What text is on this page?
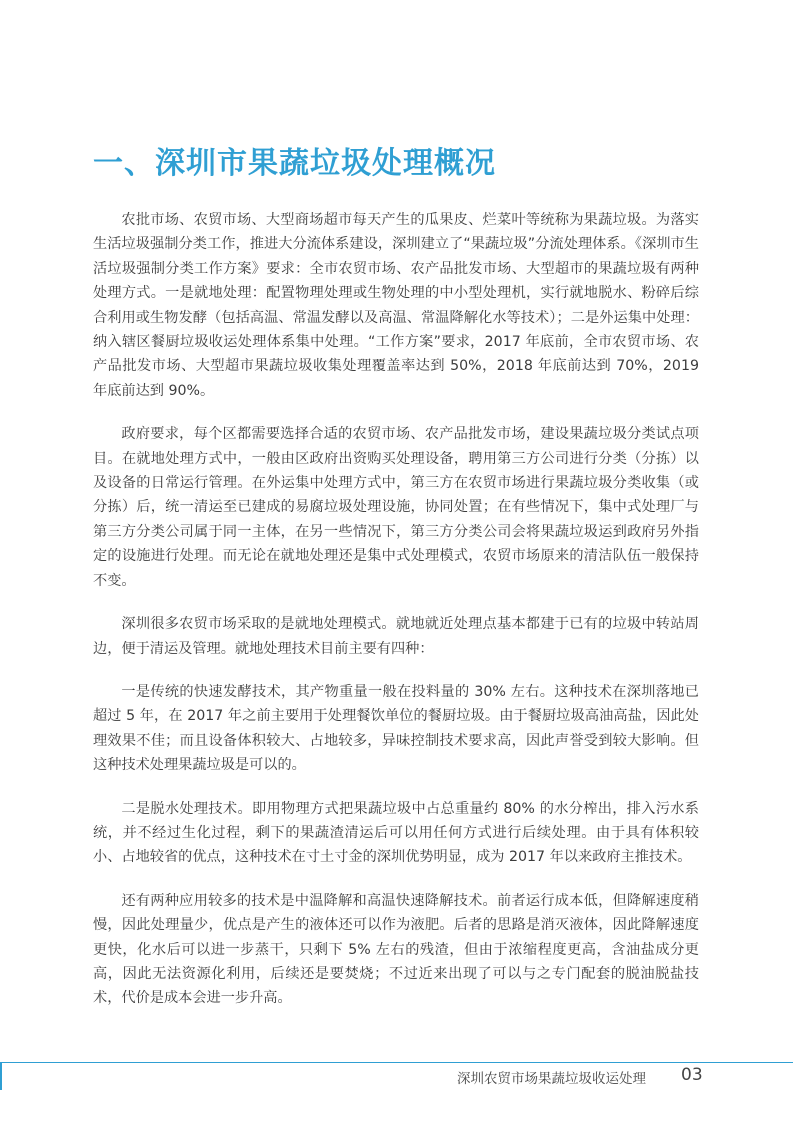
一、深圳市果蔬垃圾处理概况

农批市场、农贸市场、大型商场超市每天产生的瓜果皮、烂菜叶等统称为果蔬垃圾。为落实生活垃圾强制分类工作，推进大分流体系建设，深圳建立了“果蔬垃圾”分流处理体系。《深圳市生活垃圾强制分类工作方案》要求：全市农贸市场、农产品批发市场、大型超市的果蔬垃圾有两种处理方式。一是就地处理：配置物理处理或生物处理的中小型处理机，实行就地脱水、粉碎后综合利用或生物发酵（包括高温、常温发酵以及高温、常温降解化水等技术）；二是外运集中处理：纳入辖区餐厨垃圾收运处理体系集中处理。“工作方案”要求，2017 年底前，全市农贸市场、农产品批发市场、大型超市果蔬垃圾收集处理覆盖率达到 50%，2018 年底前达到 70%，2019 年底前达到 90%。

政府要求，每个区都需要选择合适的农贸市场、农产品批发市场，建设果蔬垃圾分类试点项目。在就地处理方式中，一般由区政府出资购买处理设备，聘用第三方公司进行分类（分拣）以及设备的日常运行管理。在外运集中处理方式中，第三方在农贸市场进行果蔬垃圾分类收集（或分拣）后，统一清运至已建成的易腐垃圾处理设施，协同处置；在有些情况下，集中式处理厂与第三方分类公司属于同一主体，在另一些情况下，第三方分类公司会将果蔬垃圾运到政府另外指定的设施进行处理。而无论在就地处理还是集中式处理模式，农贸市场原来的清洁队伍一般保持不变。

深圳很多农贸市场采取的是就地处理模式。就地就近处理点基本都建于已有的垃圾中转站周边，便于清运及管理。就地处理技术目前主要有四种：

一是传统的快速发酵技术，其产物重量一般在投料量的 30% 左右。这种技术在深圳落地已超过 5 年，在 2017 年之前主要用于处理餐饮单位的餐厨垃圾。由于餐厨垃圾高油高盐，因此处理效果不佳；而且设备体积较大、占地较多，异味控制技术要求高，因此声誉受到较大影响。但这种技术处理果蔬垃圾是可以的。

二是脱水处理技术。即用物理方式把果蔬垃圾中占总重量约 80% 的水分榨出，排入污水系统，并不经过生化过程，剩下的果蔬渣清运后可以用任何方式进行后续处理。由于具有体积较小、占地较省的优点，这种技术在寸土寸金的深圳优势明显，成为 2017 年以来政府主推技术。

还有两种应用较多的技术是中温降解和高温快速降解技术。前者运行成本低，但降解速度稍慢，因此处理量少，优点是产生的液体还可以作为液肥。后者的思路是消灭液体，因此降解速度更快，化水后可以进一步蒸干，只剩下 5% 左右的残渣，但由于浓缩程度更高，含油盐成分更高，因此无法资源化利用，后续还是要焚烧；不过近来出现了可以与之专门配套的脱油脱盐技术，代价是成本会进一步升高。

深圳农贸市场果蔬垃圾收运处理 03
